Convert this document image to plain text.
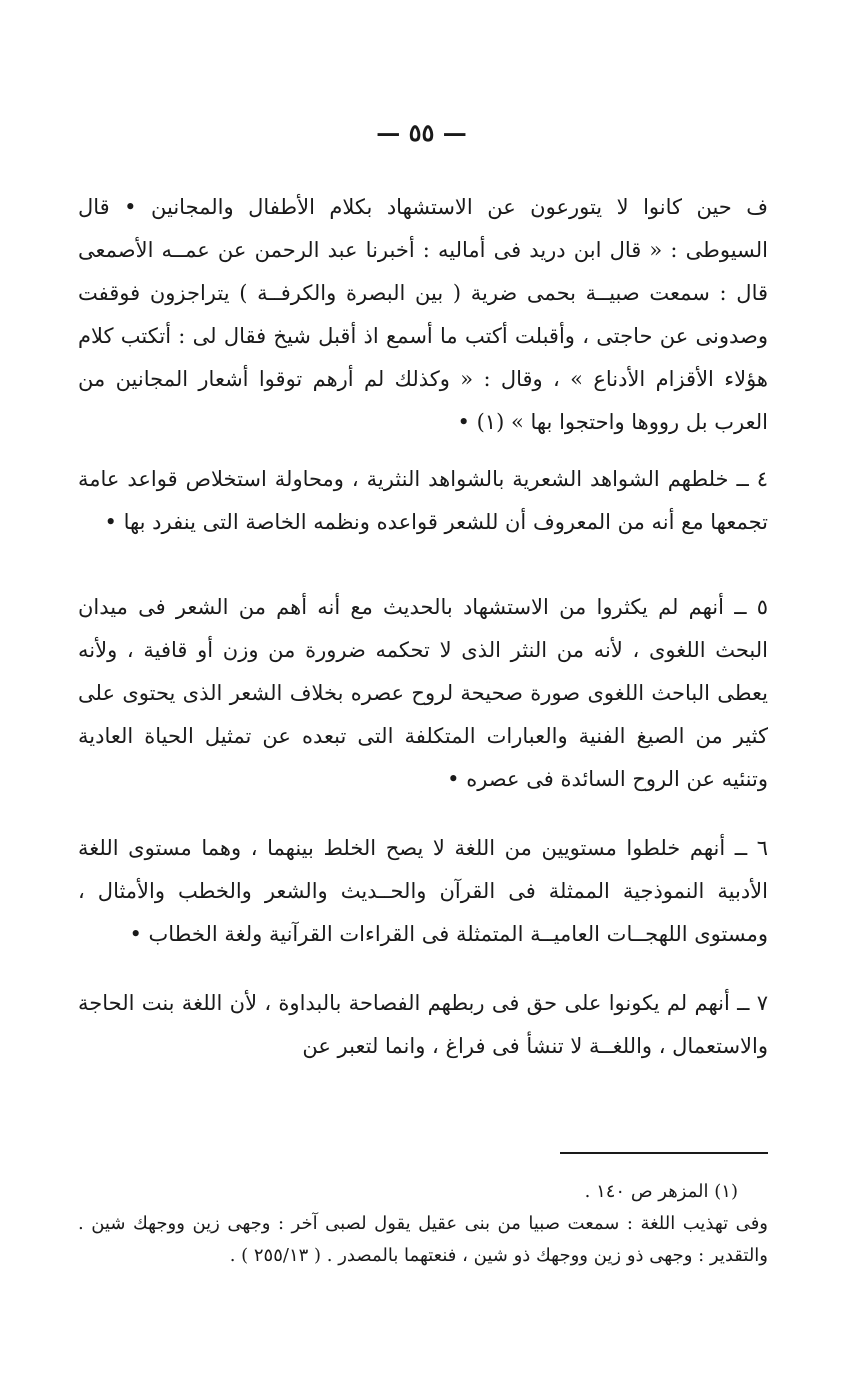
— ٥٥ —

ف حين كانوا لا يتورعون عن الاستشهاد بكلام الأطفال والمجانين • قال السيوطى : « قال ابن دريد فى أماليه : أخبرنا عبد الرحمن عن عمــه الأصمعى قال : سمعت صبيــة بحمى ضرية ( بين البصرة والكرفــة ) يتراجزون فوقفت وصدونى عن حاجتى ، وأقبلت أكتب ما أسمع اذ أقبل شيخ فقال لى : أتكتب كلام هؤلاء الأقزام الأدناع » ، وقال : « وكذلك لم أرهم توقوا أشعار المجانين من العرب بل رووها واحتجوا بها » (١) •

٤ ــ خلطهم الشواهد الشعرية بالشواهد النثرية ، ومحاولة استخلاص قواعد عامة تجمعها مع أنه من المعروف أن للشعر قواعده ونظمه الخاصة التى ينفرد بها •

٥ ــ أنهم لم يكثروا من الاستشهاد بالحديث مع أنه أهم من الشعر فى ميدان البحث اللغوى ، لأنه من النثر الذى لا تحكمه ضرورة من وزن أو قافية ، ولأنه يعطى الباحث اللغوى صورة صحيحة لروح عصره بخلاف الشعر الذى يحتوى على كثير من الصيغ الفنية والعبارات المتكلفة التى تبعده عن تمثيل الحياة العادية وتنئيه عن الروح السائدة فى عصره •

٦ ــ أنهم خلطوا مستويين من اللغة لا يصح الخلط بينهما ، وهما مستوى اللغة الأدبية النموذجية الممثلة فى القرآن والحــديث والشعر والخطب والأمثال ، ومستوى اللهجــات العاميــة المتمثلة فى القراءات القرآنية ولغة الخطاب •

٧ ــ أنهم لم يكونوا على حق فى ربطهم الفصاحة بالبداوة ، لأن اللغة بنت الحاجة والاستعمال ، واللغــة لا تنشأ فى فراغ ، وانما لتعبر عن

(١) المزهر ص ١٤٠ .

وفى تهذيب اللغة : سمعت صبيا من بنى عقيل يقول لصبى آخر : وجهى زين ووجهك شين . والتقدير : وجهى ذو زين ووجهك ذو شين ، فنعتهما بالمصدر . ( ٢٥٥/١٣ ) .
